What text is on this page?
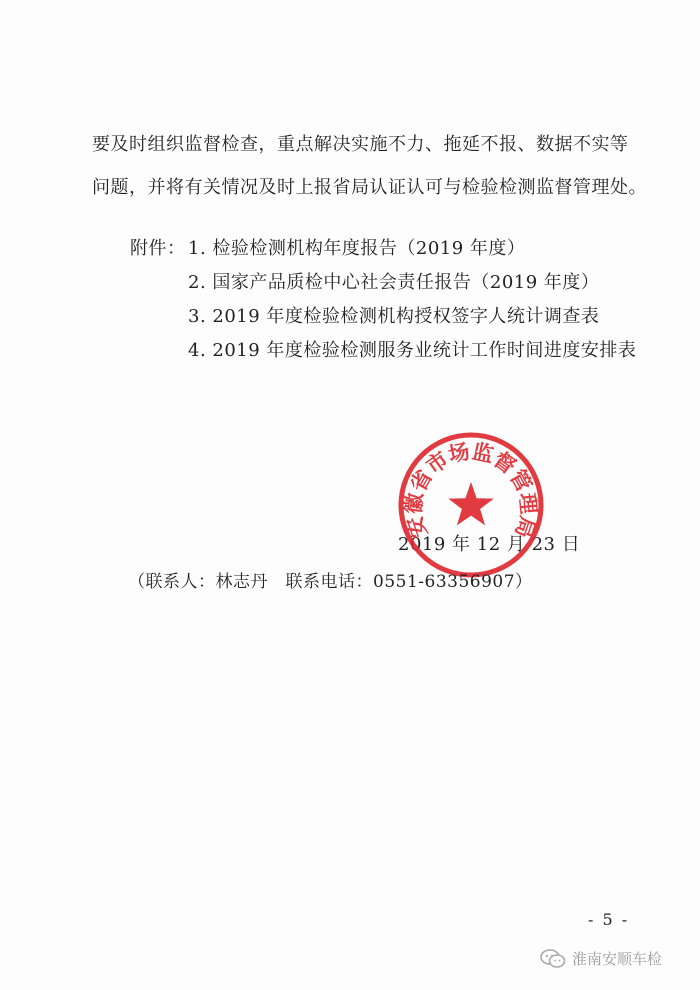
要及时组织监督检查，重点解决实施不力、拖延不报、数据不实等
问题，并将有关情况及时上报省局认证认可与检验检测监督管理处。
附件： 1. 检验检测机构年度报告（2019 年度）
2. 国家产品质检中心社会责任报告（2019 年度）
3. 2019 年度检验检测机构授权签字人统计调查表
4. 2019 年度检验检测服务业统计工作时间进度安排表
2019 年 12 月 23 日
安徽省市场监督管理局
（联系人：林志丹　联系电话：0551-63356907）
- 5 -
淮南安顺车检
